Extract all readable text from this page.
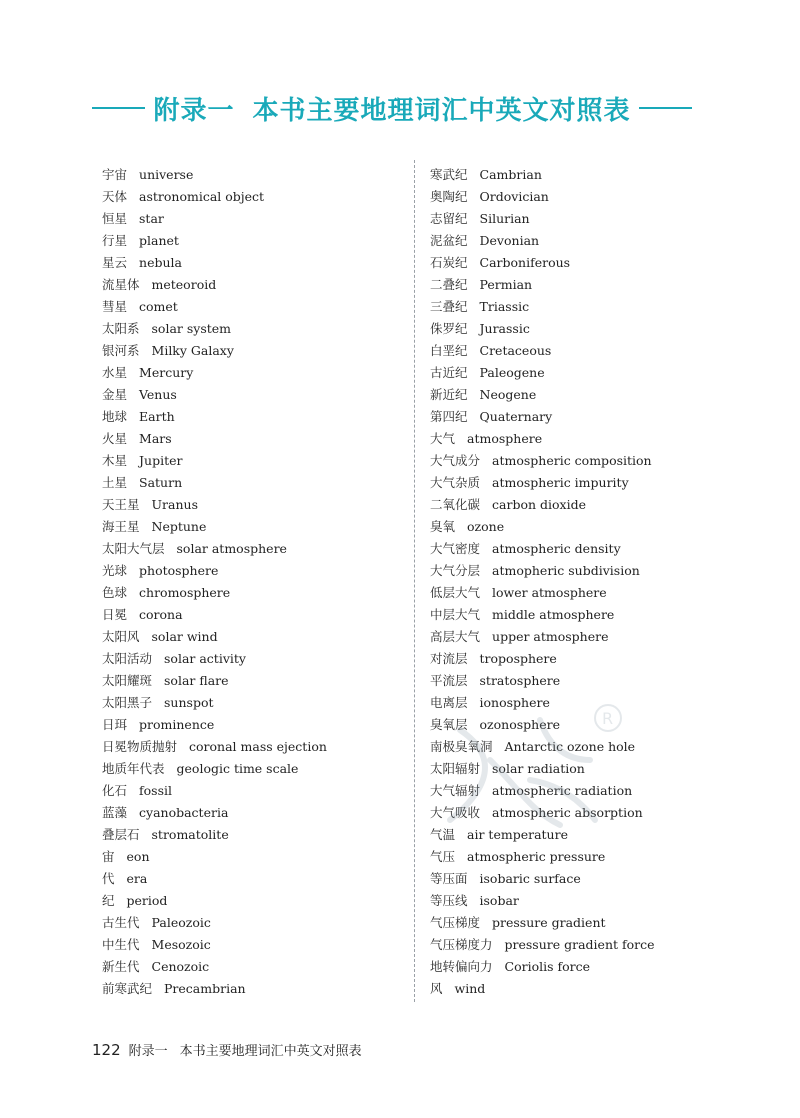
附录一 本书主要地理词汇中英文对照表
宇宙 universe
天体 astronomical object
恒星 star
行星 planet
星云 nebula
流星体 meteoroid
彗星 comet
太阳系 solar system
银河系 Milky Galaxy
水星 Mercury
金星 Venus
地球 Earth
火星 Mars
木星 Jupiter
土星 Saturn
天王星 Uranus
海王星 Neptune
太阳大气层 solar atmosphere
光球 photosphere
色球 chromosphere
日冕 corona
太阳风 solar wind
太阳活动 solar activity
太阳耀斑 solar flare
太阳黑子 sunspot
日珥 prominence
日冕物质抛射 coronal mass ejection
地质年代表 geologic time scale
化石 fossil
蓝藻 cyanobacteria
叠层石 stromatolite
宙 eon
代 era
纪 period
古生代 Paleozoic
中生代 Mesozoic
新生代 Cenozoic
前寒武纪 Precambrian
寒武纪 Cambrian
奥陶纪 Ordovician
志留纪 Silurian
泥盆纪 Devonian
石炭纪 Carboniferous
二叠纪 Permian
三叠纪 Triassic
侏罗纪 Jurassic
白垩纪 Cretaceous
古近纪 Paleogene
新近纪 Neogene
第四纪 Quaternary
大气 atmosphere
大气成分 atmospheric composition
大气杂质 atmospheric impurity
二氧化碳 carbon dioxide
臭氧 ozone
大气密度 atmospheric density
大气分层 atmopheric subdivision
低层大气 lower atmosphere
中层大气 middle atmosphere
高层大气 upper atmosphere
对流层 troposphere
平流层 stratosphere
电离层 ionosphere
臭氧层 ozonosphere
南极臭氧洞 Antarctic ozone hole
太阳辐射 solar radiation
大气辐射 atmospheric radiation
大气吸收 atmospheric absorption
气温 air temperature
气压 atmospheric pressure
等压面 isobaric surface
等压线 isobar
气压梯度 pressure gradient
气压梯度力 pressure gradient force
地转偏向力 Coriolis force
风 wind
R
122 附录一 本书主要地理词汇中英文对照表
